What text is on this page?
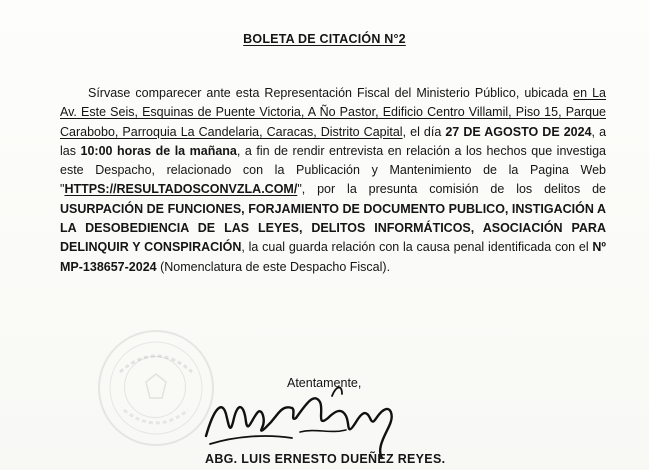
BOLETA DE CITACIÓN N°2

Sírvase comparecer ante esta Representación Fiscal del Ministerio Público, ubicada en La Av. Este Seis, Esquinas de Puente Victoria, A Ño Pastor, Edificio Centro Villamil, Piso 15, Parque Carabobo, Parroquia La Candelaria, Caracas, Distrito Capital, el día 27 DE AGOSTO DE 2024, a las 10:00 horas de la mañana, a fin de rendir entrevista en relación a los hechos que investiga este Despacho, relacionado con la Publicación y Mantenimiento de la Pagina Web "HTTPS://RESULTADOSCONVZLA.COM/", por la presunta comisión de los delitos de USURPACIÓN DE FUNCIONES, FORJAMIENTO DE DOCUMENTO PUBLICO, INSTIGACIÓN A LA DESOBEDIENCIA DE LAS LEYES, DELITOS INFORMÁTICOS, ASOCIACIÓN PARA DELINQUIR Y CONSPIRACIÓN, la cual guarda relación con la causa penal identificada con el Nº MP-138657-2024 (Nomenclatura de este Despacho Fiscal).

Atentamente,
ABG. LUIS ERNESTO DUEÑEZ REYES.
